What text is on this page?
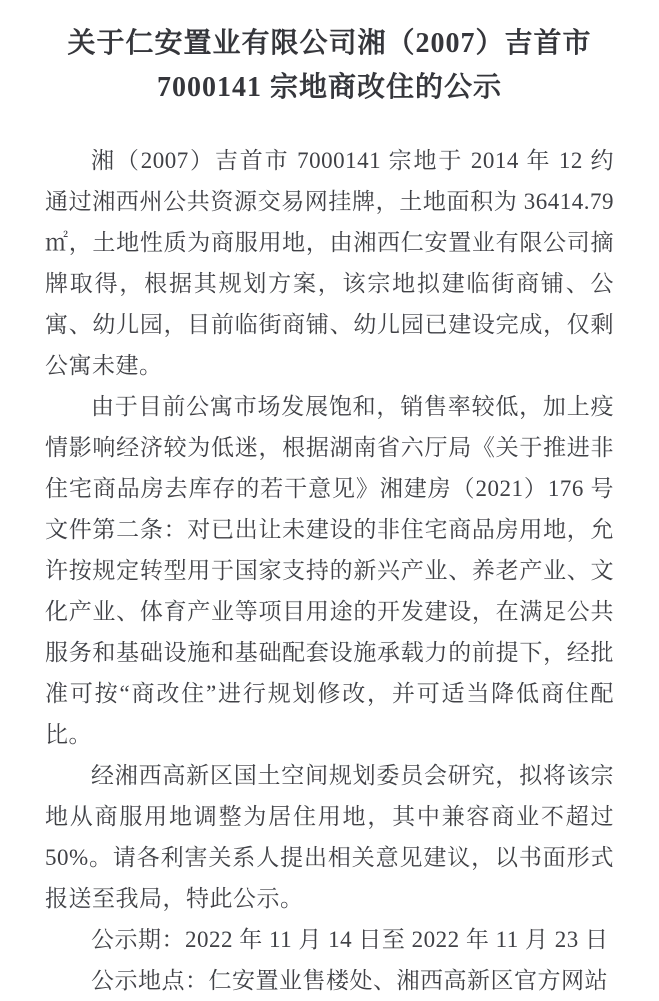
关于仁安置业有限公司湘（2007）吉首市
7000141 宗地商改住的公示

湘（2007）吉首市 7000141 宗地于 2014 年 12 约通过湘西州公共资源交易网挂牌，土地面积为 36414.79 ㎡，土地性质为商服用地，由湘西仁安置业有限公司摘牌取得，根据其规划方案，该宗地拟建临街商铺、公寓、幼儿园，目前临街商铺、幼儿园已建设完成，仅剩公寓未建。

由于目前公寓市场发展饱和，销售率较低，加上疫情影响经济较为低迷，根据湖南省六厅局《关于推进非住宅商品房去库存的若干意见》湘建房（2021）176 号文件第二条：对已出让未建设的非住宅商品房用地，允许按规定转型用于国家支持的新兴产业、养老产业、文化产业、体育产业等项目用途的开发建设，在满足公共服务和基础设施和基础配套设施承载力的前提下，经批准可按“商改住”进行规划修改，并可适当降低商住配比。

经湘西高新区国土空间规划委员会研究，拟将该宗地从商服用地调整为居住用地，其中兼容商业不超过 50%。请各利害关系人提出相关意见建议，以书面形式报送至我局，特此公示。

公示期：2022 年 11 月 14 日至 2022 年 11 月 23 日

公示地点：仁安置业售楼处、湘西高新区官方网站
